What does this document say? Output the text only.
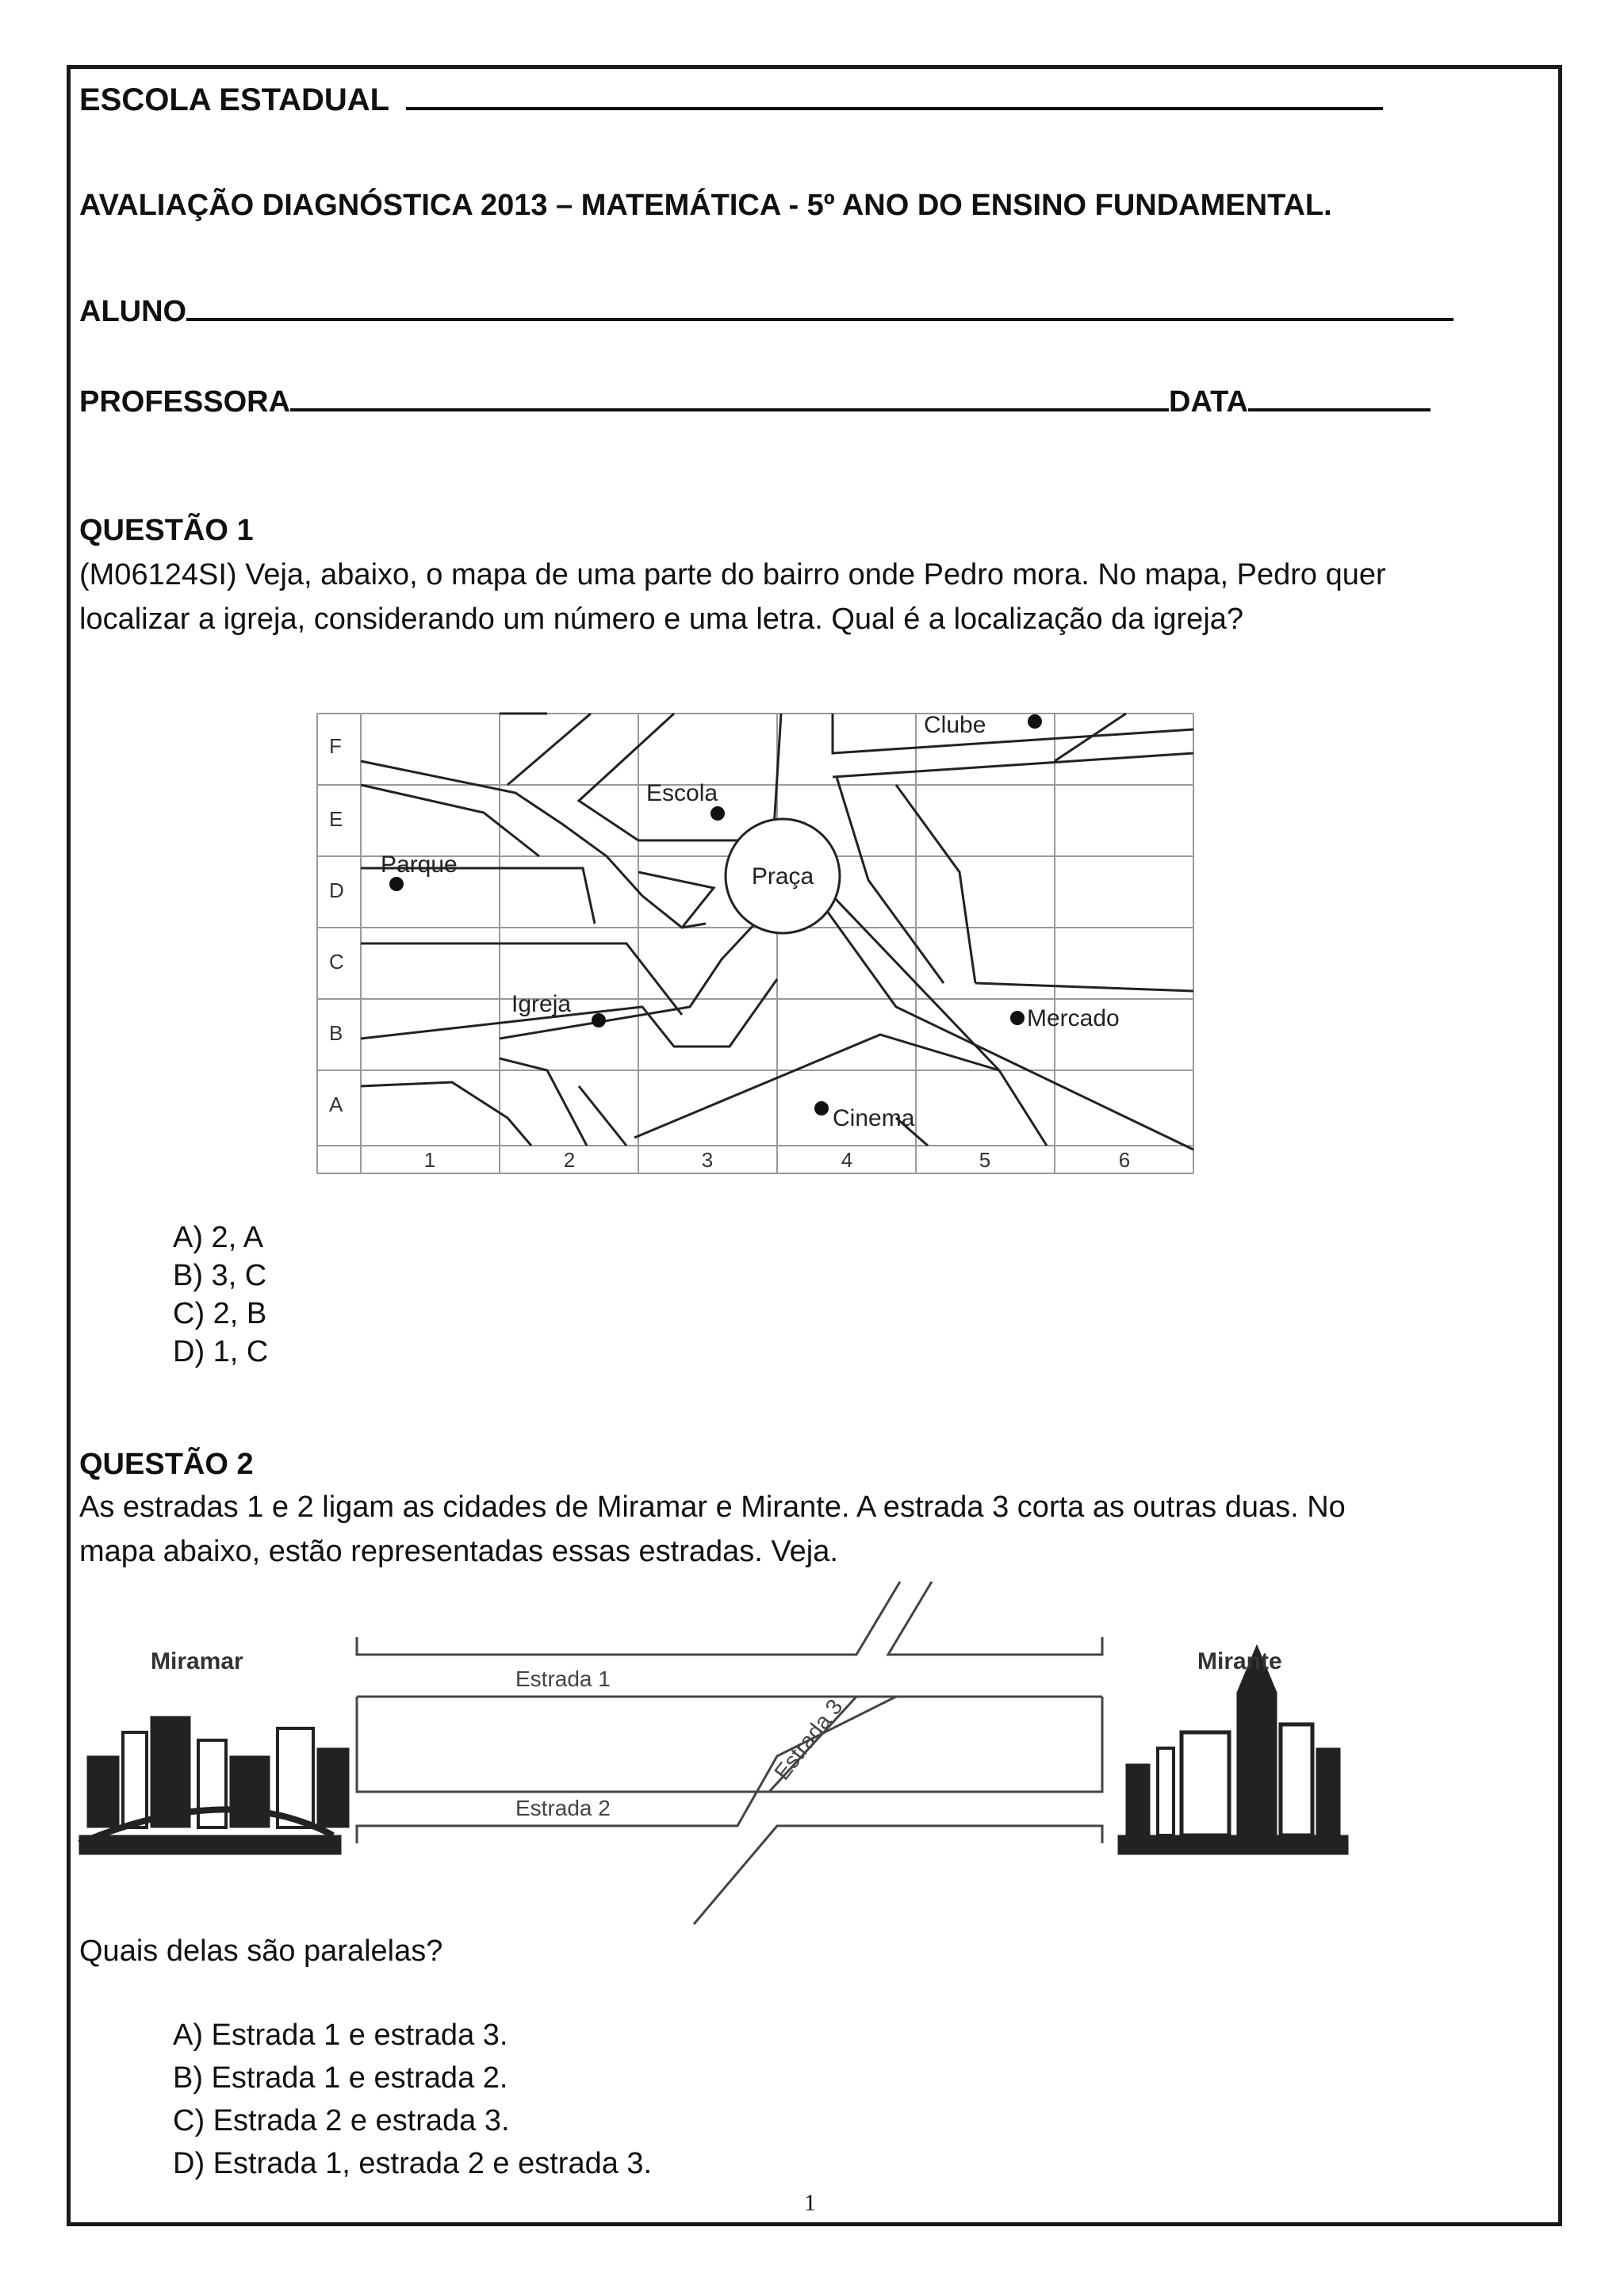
ESCOLA ESTADUAL
AVALIAÇÃO DIAGNÓSTICA 2013 – MATEMÁTICA - 5º ANO DO ENSINO FUNDAMENTAL.
ALUNO
PROFESSORA	DATA
QUESTÃO 1
(M06124SI) Veja, abaixo, o mapa de uma parte do bairro onde Pedro mora. No mapa, Pedro quer
localizar a igreja, considerando um número e uma letra. Qual é a localização da igreja?
F
E
D
C
B
A
1	2	3	4	5	6
Clube
Escola
Parque	Praça
Igreja
Mercado
Cinema
A) 2, A
B) 3, C
C) 2, B
D) 1, C
QUESTÃO 2
As estradas 1 e 2 ligam as cidades de Miramar e Mirante. A estrada 3 corta as outras duas. No
mapa abaixo, estão representadas essas estradas. Veja.
Miramar
Estrada 1
Estrada 2
Estrada 3
Mirante
Quais delas são paralelas?
A) Estrada 1 e estrada 3.
B) Estrada 1 e estrada 2.
C) Estrada 2 e estrada 3.
D) Estrada 1, estrada 2 e estrada 3.
1
